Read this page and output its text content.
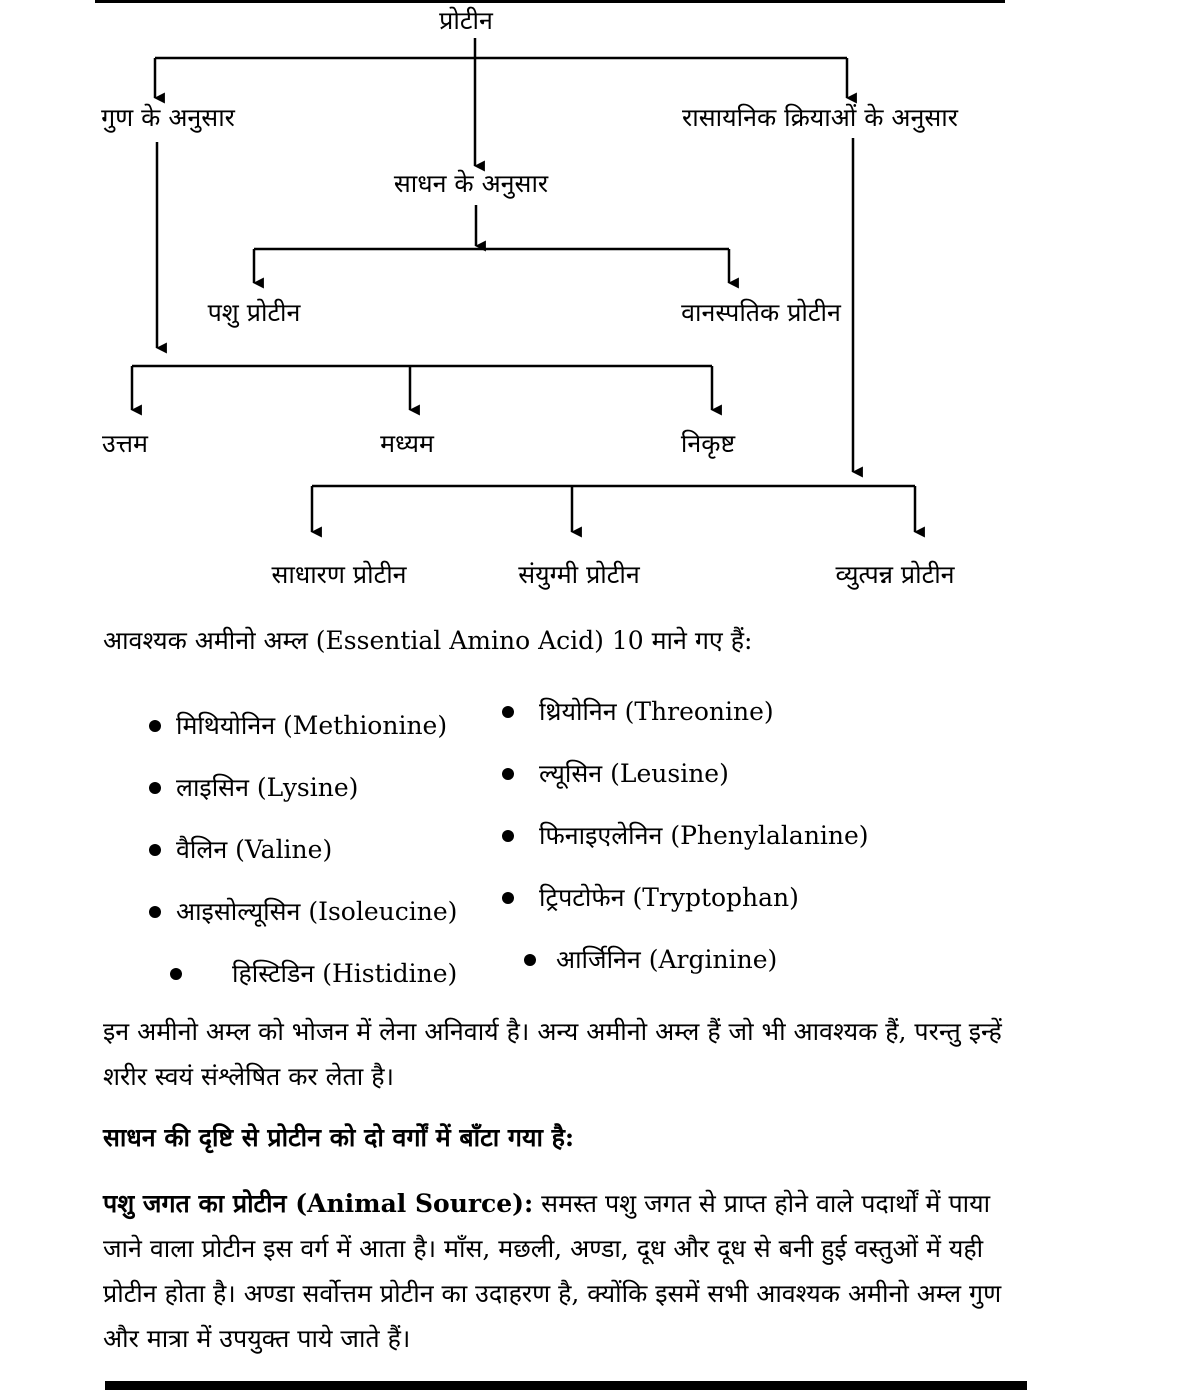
प्रोटीन
गुण के अनुसार	रासायनिक क्रियाओं के अनुसार
साधन के अनुसार
पशु प्रोटीन	वानस्पतिक प्रोटीन
उत्तम	मध्यम	निकृष्ट
साधारण प्रोटीन	संयुग्मी प्रोटीन	व्युत्पन्न प्रोटीन
आवश्यक अमीनो अम्ल (Essential Amino Acid) 10 माने गए हैं:
मिथियोनिन (Methionine)
लाइसिन (Lysine)
वैलिन (Valine)
आइसोल्यूसिन (Isoleucine)
हिस्टिडिन (Histidine)
थ्रियोनिन (Threonine)
ल्यूसिन (Leusine)
फिनाइएलेनिन (Phenylalanine)
ट्रिपटोफेन (Tryptophan)
आर्जिनिन (Arginine)
इन अमीनो अम्ल को भोजन में लेना अनिवार्य है। अन्य अमीनो अम्ल हैं जो भी आवश्यक हैं, परन्तु इन्हें शरीर स्वयं संश्लेषित कर लेता है।
साधन की दृष्टि से प्रोटीन को दो वर्गों में बाँटा गया है:
पशु जगत का प्रोटीन (Animal Source): समस्त पशु जगत से प्राप्त होने वाले पदार्थों में पाया जाने वाला प्रोटीन इस वर्ग में आता है। माँस, मछली, अण्डा, दूध और दूध से बनी हुई वस्तुओं में यही प्रोटीन होता है। अण्डा सर्वोत्तम प्रोटीन का उदाहरण है, क्योंकि इसमें सभी आवश्यक अमीनो अम्ल गुण और मात्रा में उपयुक्त पाये जाते हैं।
